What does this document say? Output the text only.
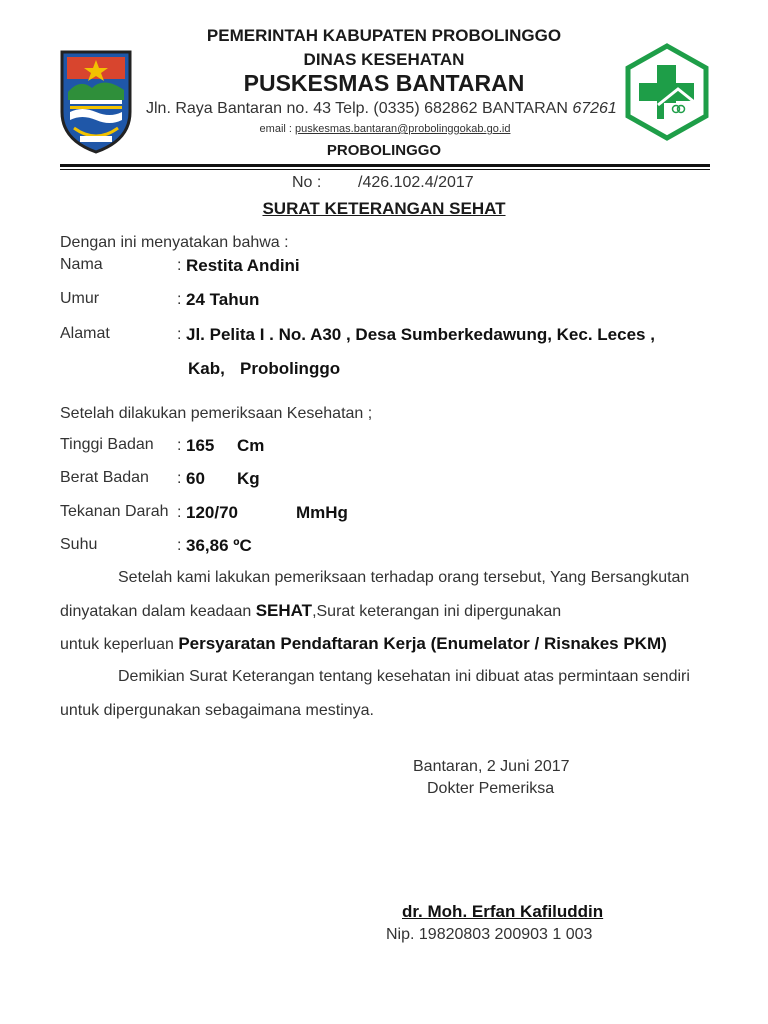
PEMERINTAH KABUPATEN PROBOLINGGO
DINAS KESEHATAN
PUSKESMAS BANTARAN
Jln. Raya Bantaran no. 43 Telp. (0335) 682862 BANTARAN 67261
email : puskesmas.bantaran@probolinggokab.go.id
PROBOLINGGO
No : /426.102.4/2017
SURAT KETERANGAN SEHAT
Dengan ini menyatakan bahwa :
Nama	: Restita Andini
Umur	: 24 Tahun
Alamat	: Jl. Pelita I . No. A30 , Desa Sumberkedawung, Kec. Leces ,
Kab, Probolinggo
Setelah dilakukan pemeriksaan Kesehatan ;
Tinggi Badan : 165 Cm
Berat Badan : 60 Kg
Tekanan Darah : 120/70	MmHg
Suhu	: 36,86 ºC
Setelah kami lakukan pemeriksaan terhadap orang tersebut, Yang Bersangkutan
dinyatakan dalam keadaan SEHAT,Surat keterangan ini dipergunakan
untuk keperluan Persyaratan Pendaftaran Kerja (Enumelator / Risnakes PKM)
Demikian Surat Keterangan tentang kesehatan ini dibuat atas permintaan sendiri
untuk dipergunakan sebagaimana mestinya.
Bantaran, 2 Juni 2017
Dokter Pemeriksa
dr. Moh. Erfan Kafiluddin
Nip. 19820803 200903 1 003
